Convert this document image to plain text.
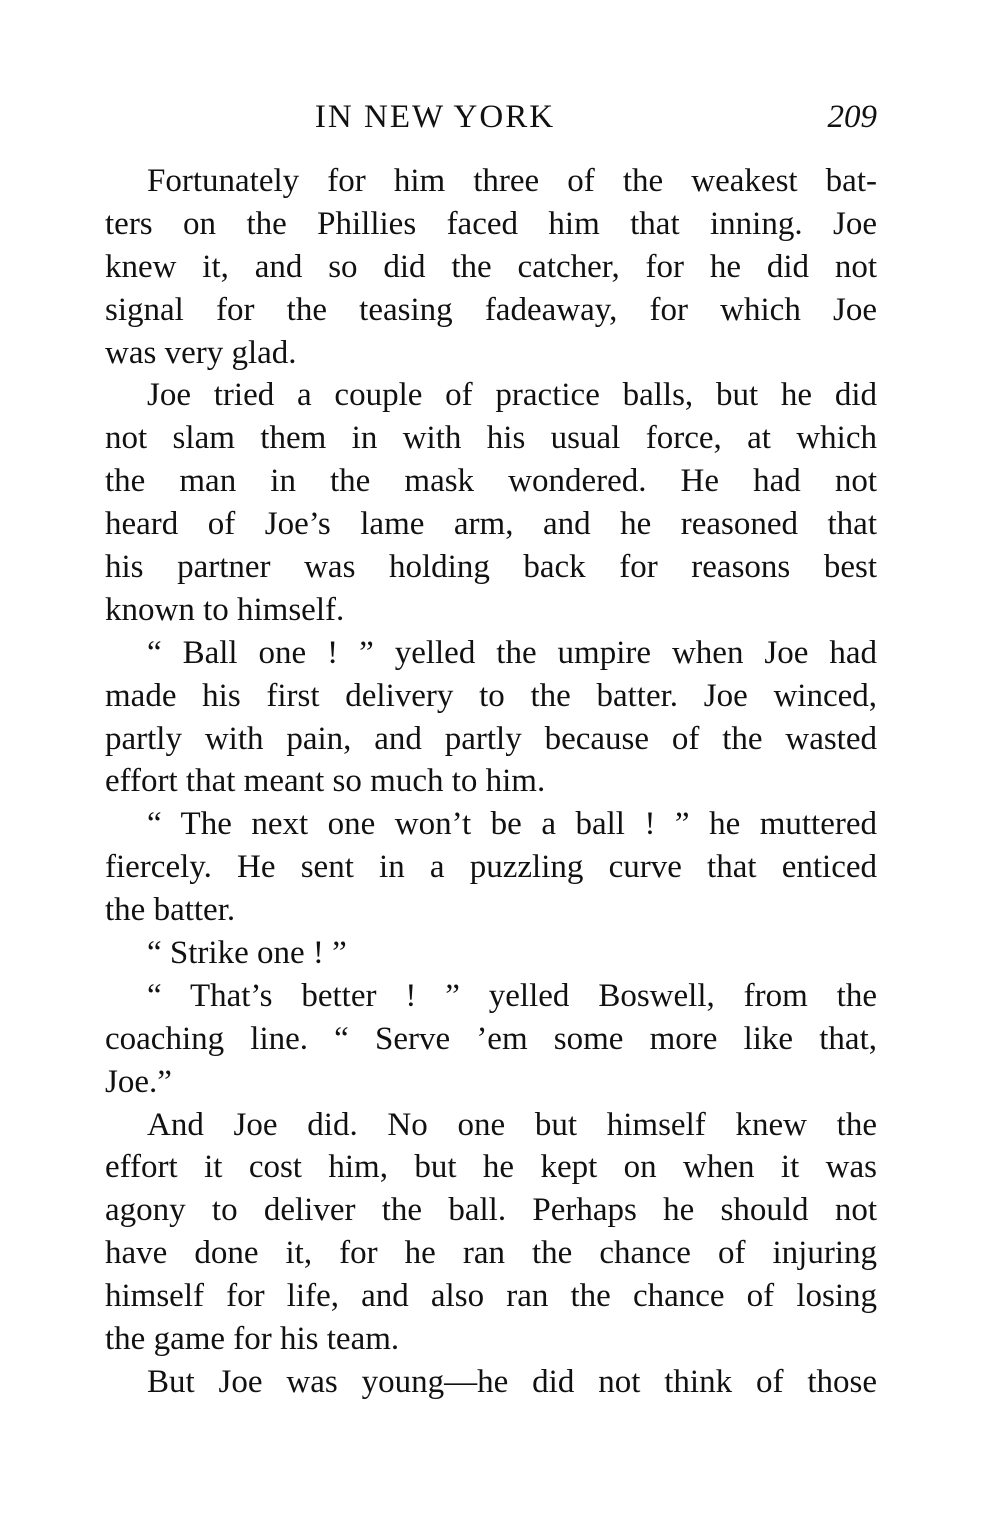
IN NEW YORK	209
Fortunately for him three of the weakest bat-
ters on the Phillies faced him that inning. Joe
knew it, and so did the catcher, for he did not
signal for the teasing fadeaway, for which Joe
was very glad.
Joe tried a couple of practice balls, but he did
not slam them in with his usual force, at which
the man in the mask wondered. He had not
heard of Joe’s lame arm, and he reasoned that
his partner was holding back for reasons best
known to himself.
“ Ball one ! ” yelled the umpire when Joe had
made his first delivery to the batter. Joe winced,
partly with pain, and partly because of the wasted
effort that meant so much to him.
“ The next one won’t be a ball ! ” he muttered
fiercely. He sent in a puzzling curve that enticed
the batter.
“ Strike one ! ”
“ That’s better ! ” yelled Boswell, from the
coaching line. “ Serve ’em some more like that,
Joe.”
And Joe did. No one but himself knew the
effort it cost him, but he kept on when it was
agony to deliver the ball. Perhaps he should not
have done it, for he ran the chance of injuring
himself for life, and also ran the chance of losing
the game for his team.
But Joe was young—he did not think of those
